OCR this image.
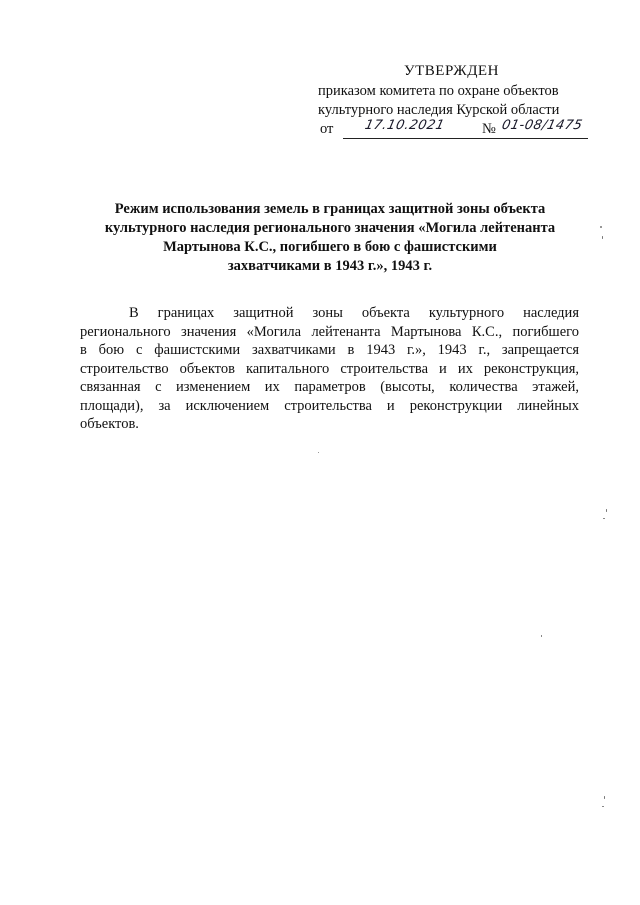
УТВЕРЖДЕН
приказом комитета по охране объектов
культурного наследия Курской области
от 17.10.2021 № 01-08/1475
Режим использования земель в границах защитной зоны объекта
культурного наследия регионального значения «Могила лейтенанта
Мартынова К.С., погибшего в бою с фашистскими
захватчиками в 1943 г.», 1943 г.
В границах защитной зоны объекта культурного наследия
регионального значения «Могила лейтенанта Мартынова К.С., погибшего
в бою с фашистскими захватчиками в 1943 г.», 1943 г., запрещается
строительство объектов капитального строительства и их реконструкция,
связанная с изменением их параметров (высоты, количества этажей,
площади), за исключением строительства и реконструкции линейных
объектов.
